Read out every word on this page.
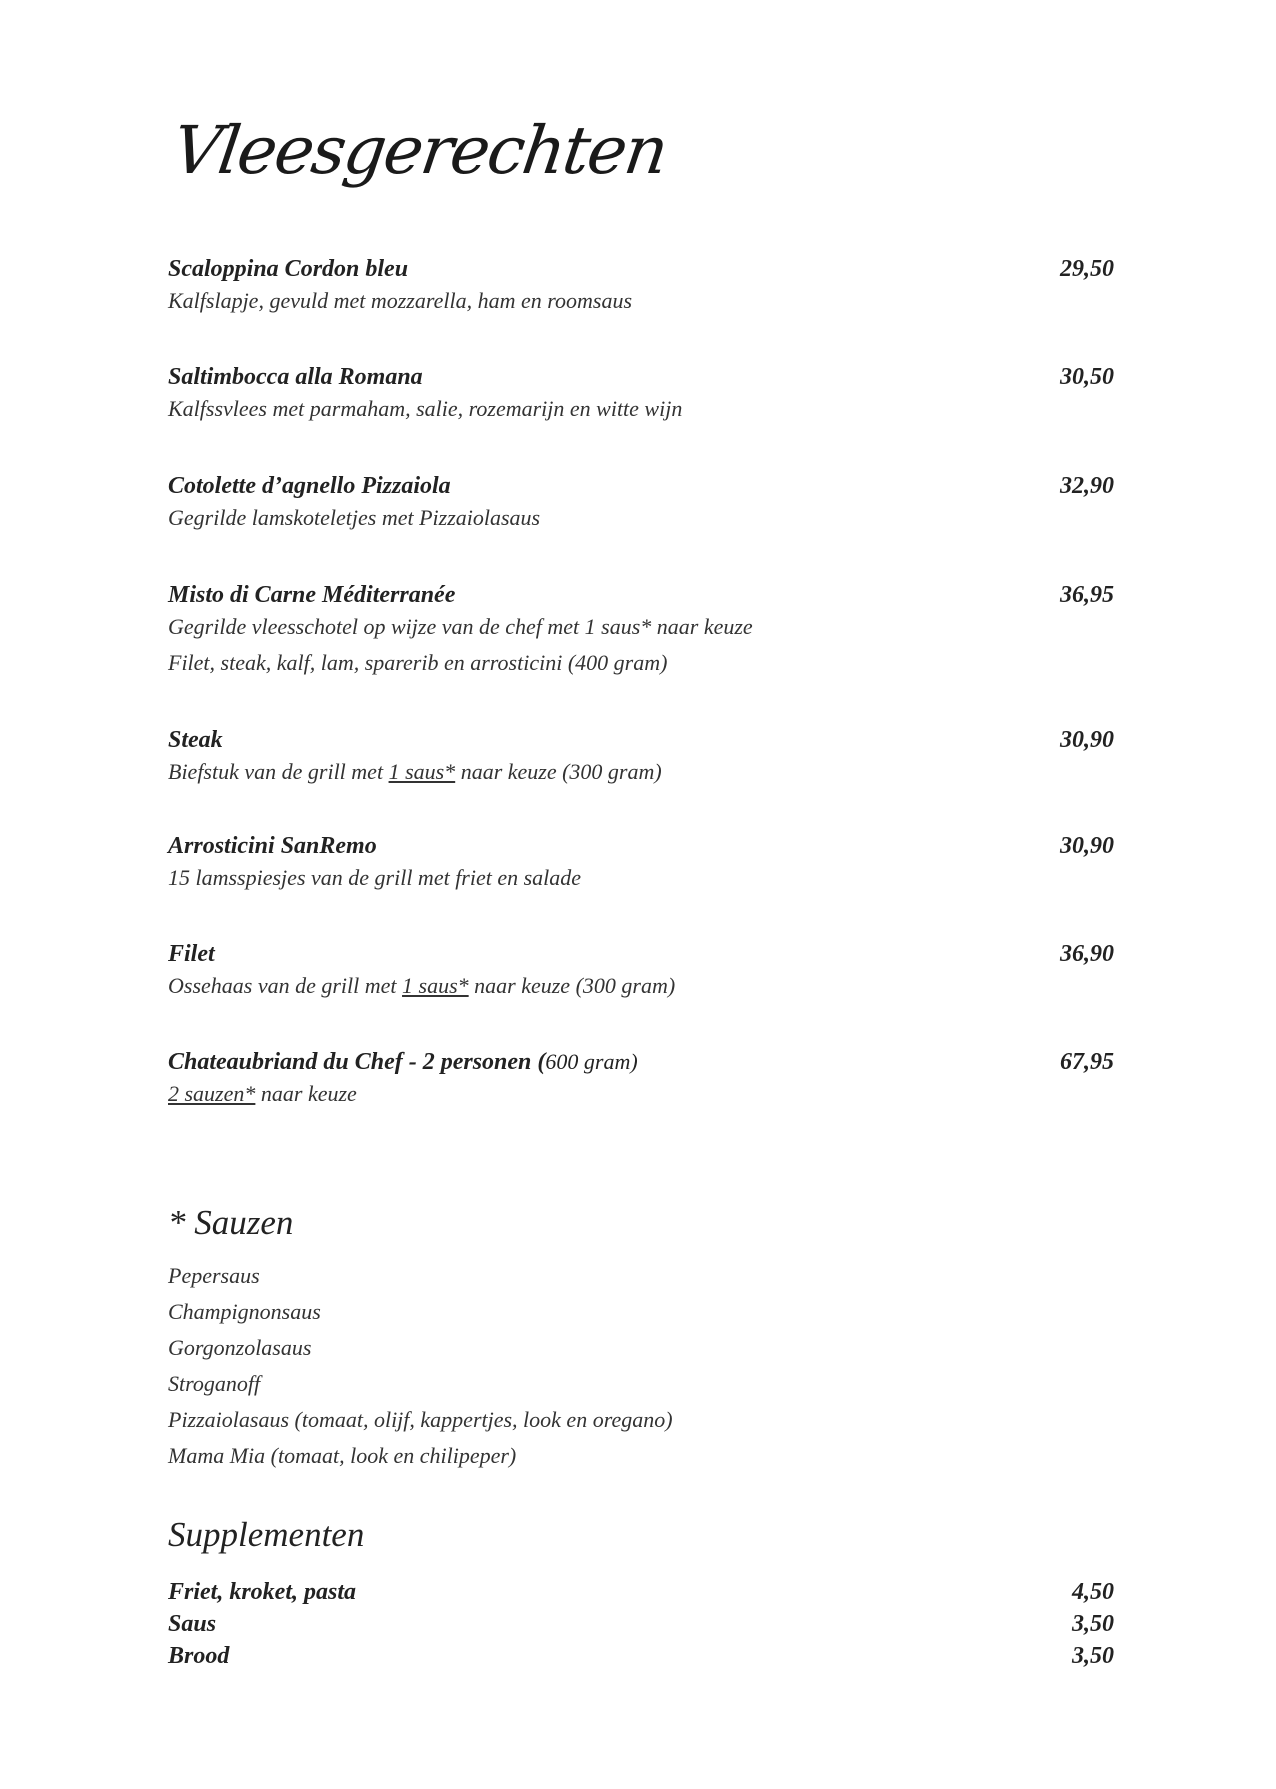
Vleesgerechten
Scaloppina Cordon bleu	29,50
Kalfslapje, gevuld met mozzarella, ham en roomsaus
Saltimbocca alla Romana	30,50
Kalfssvlees met parmaham, salie, rozemarijn en witte wijn
Cotolette d’agnello Pizzaiola	32,90
Gegrilde lamskoteletjes met Pizzaiolasaus
Misto di Carne Méditerranée	36,95
Gegrilde vleesschotel op wijze van de chef met 1 saus* naar keuze
Filet, steak, kalf, lam, sparerib en arrosticini (400 gram)
Steak	30,90
Biefstuk van de grill met 1 saus* naar keuze (300 gram)
Arrosticini SanRemo	30,90
15 lamsspiesjes van de grill met friet en salade
Filet	36,90
Ossehaas van de grill met 1 saus* naar keuze (300 gram)
Chateaubriand du Chef - 2 personen (600 gram)	67,95
2 sauzen* naar keuze
* Sauzen
Pepersaus
Champignonsaus
Gorgonzolasaus
Stroganoff
Pizzaiolasaus (tomaat, olijf, kappertjes, look en oregano)
Mama Mia (tomaat, look en chilipeper)
Supplementen
Friet, kroket, pasta	4,50
Saus	3,50
Brood	3,50
